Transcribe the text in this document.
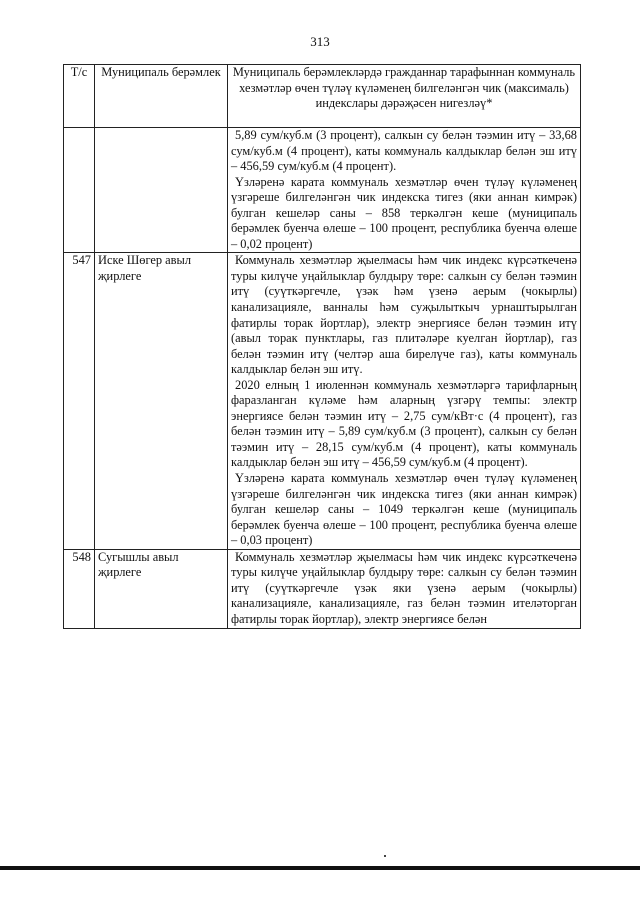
313
Т/с	Муниципаль берәмлек	Муниципаль берәмлекләрдә гражданнар тарафыннан коммуналь хезмәтләр өчен түләү күләменең билгеләнгән чик (максималь) индекслары дәрәҗәсен нигезләү*

		5,89 сум/куб.м (3 процент), салкын су белән тәэмин итү – 33,68 сум/куб.м (4 процент), каты коммуналь калдыклар белән эш итү – 456,59 сум/куб.м (4 процент).

Үзләренә карата коммуналь хезмәтләр өчен түләү күләменең үзгәреше билгеләнгән чик индекска тигез (яки аннан кимрәк) булган кешеләр саны – 858 теркәлгән кеше (муниципаль берәмлек буенча өлеше – 100 процент, республика буенча өлеше – 0,02 процент)

547	Иске Шөгер авыл җирлеге	Коммуналь хезмәтләр җыелмасы һәм чик индекс күрсәткеченә туры килүче уңайлыклар булдыру төре: салкын су белән тәэмин итү (суүткәргечле, үзәк һәм үзенә аерым (чокырлы) канализацияле, ванналы һәм суҗылыткыч урнаштырылган фатирлы торак йортлар), электр энергиясе белән тәэмин итү (авыл торак пунктлары, газ плитәләре куелган йортлар), газ белән тәэмин итү (челтәр аша бирелүче газ), каты коммуналь калдыклар белән эш итү.

2020 елның 1 июленнән коммуналь хезмәтләргә тарифларның фаразланган күләме һәм аларның үзгәрү темпы: электр энергиясе белән тәэмин итү – 2,75 сум/кВт·с (4 процент), газ белән тәэмин итү – 5,89 сум/куб.м (3 процент), салкын су белән тәэмин итү – 28,15 сум/куб.м (4 процент), каты коммуналь калдыклар белән эш итү – 456,59 сум/куб.м (4 процент).

Үзләренә карата коммуналь хезмәтләр өчен түләү күләменең үзгәреше билгеләнгән чик индекска тигез (яки аннан кимрәк) булган кешеләр саны – 1049 теркәлгән кеше (муниципаль берәмлек буенча өлеше – 100 процент, республика буенча өлеше – 0,03 процент)

548	Сугышлы авыл җирлеге	Коммуналь хезмәтләр җыелмасы һәм чик индекс күрсәткеченә туры килүче уңайлыклар булдыру төре: салкын су белән тәэмин итү (суүткәргечле үзәк яки үзенә аерым (чокырлы) канализацияле, канализацияле, газ белән тәэмин ителәторган фатирлы торак йортлар), электр энергиясе белән
